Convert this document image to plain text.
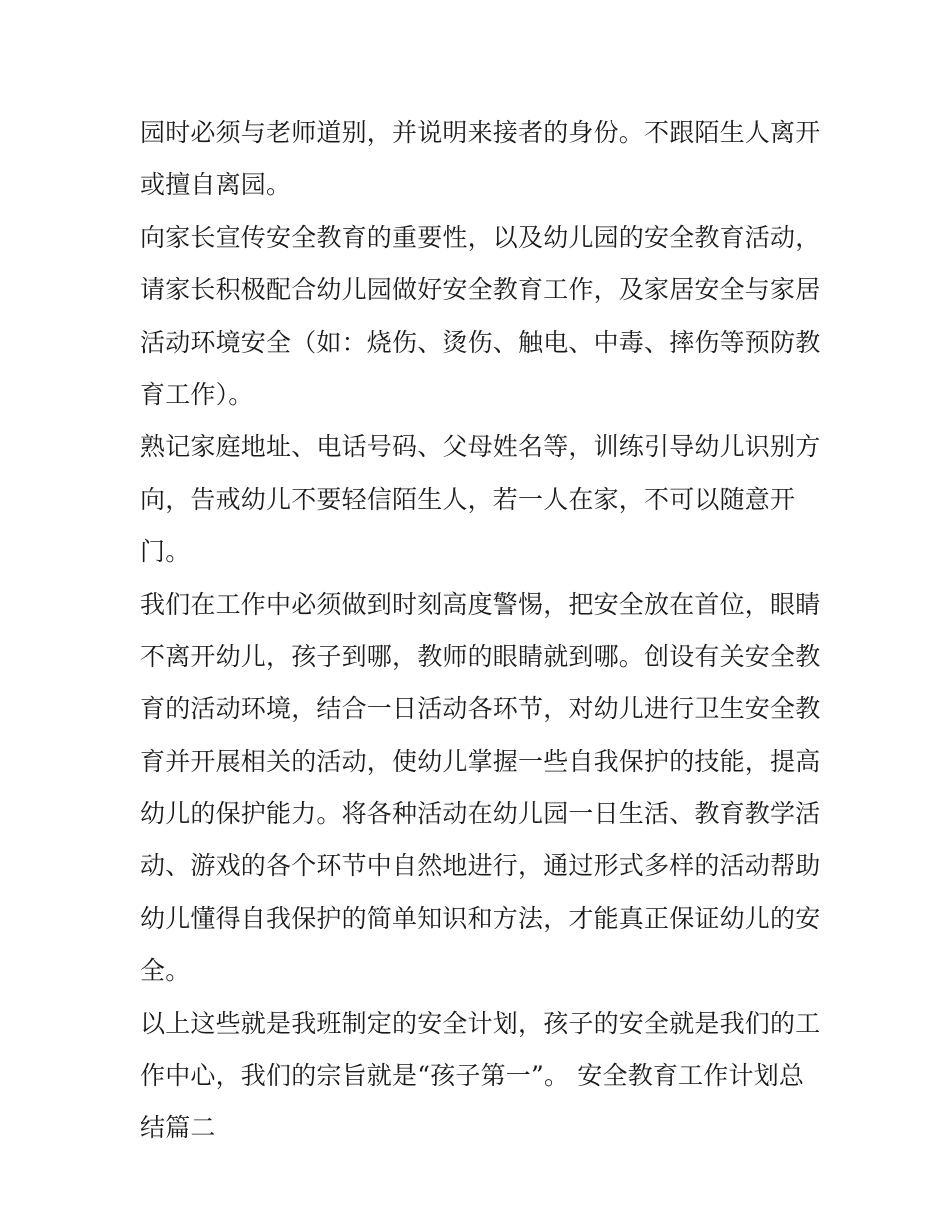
园时必须与老师道别，并说明来接者的身份。不跟陌生人离开
或擅自离园。
向家长宣传安全教育的重要性，以及幼儿园的安全教育活动，
请家长积极配合幼儿园做好安全教育工作，及家居安全与家居
活动环境安全（如：烧伤、烫伤、触电、中毒、摔伤等预防教
育工作）。
熟记家庭地址、电话号码、父母姓名等，训练引导幼儿识别方
向，告戒幼儿不要轻信陌生人，若一人在家，不可以随意开
门。
我们在工作中必须做到时刻高度警惕，把安全放在首位，眼睛
不离开幼儿，孩子到哪，教师的眼睛就到哪。创设有关安全教
育的活动环境，结合一日活动各环节，对幼儿进行卫生安全教
育并开展相关的活动，使幼儿掌握一些自我保护的技能，提高
幼儿的保护能力。将各种活动在幼儿园一日生活、教育教学活
动、游戏的各个环节中自然地进行，通过形式多样的活动帮助
幼儿懂得自我保护的简单知识和方法，才能真正保证幼儿的安
全。
以上这些就是我班制定的安全计划，孩子的安全就是我们的工
作中心，我们的宗旨就是“孩子第一”。 安全教育工作计划总
结篇二
